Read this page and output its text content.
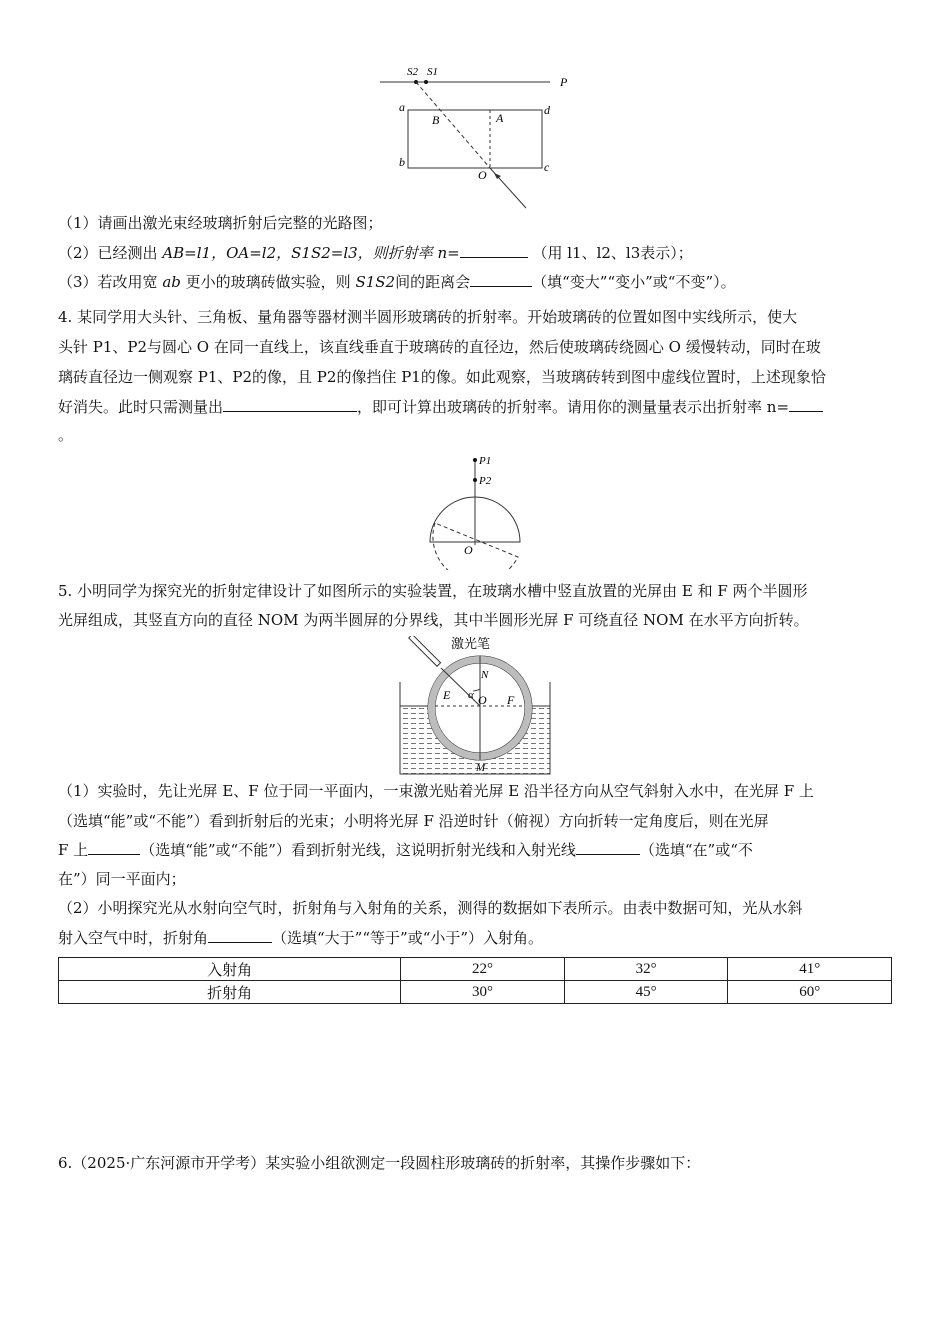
S2 S1
P
a
b
d
c
B	A
O
（1）请画出激光束经玻璃折射后完整的光路图；
（2）已经测出 AB=l1，OA=l2，S1S2=l3，则折射率 n=	（用 l1、l2、l3表示）；
（3）若改用宽 ab 更小的玻璃砖做实验，则 S1S2间的距离会	（填“变大”“变小”或“不变”）。
4. 某同学用大头针、三角板、量角器等器材测半圆形玻璃砖的折射率。开始玻璃砖的位置如图中实线所示，使大
头针 P1、P2与圆心 O 在同一直线上，该直线垂直于玻璃砖的直径边，然后使玻璃砖绕圆心 O 缓慢转动，同时在玻
璃砖直径边一侧观察 P1、P2的像，且 P2的像挡住 P1的像。如此观察，当玻璃砖转到图中虚线位置时，上述现象恰
好消失。此时只需测量出	，即可计算出玻璃砖的折射率。请用你的测量量表示出折射率 n=
。
P1
P2
O
5. 小明同学为探究光的折射定律设计了如图所示的实验装置，在玻璃水槽中竖直放置的光屏由 E 和 F 两个半圆形
光屏组成，其竖直方向的直径 NOM 为两半圆屏的分界线，其中半圆形光屏 F 可绕直径 NOM 在水平方向折转。
激光笔
N
α
E O F
M
（1）实验时，先让光屏 E、F 位于同一平面内，一束激光贴着光屏 E 沿半径方向从空气斜射入水中，在光屏 F 上
（选填“能”或“不能”）看到折射后的光束；小明将光屏 F 沿逆时针（俯视）方向折转一定角度后，则在光屏
F 上	（选填“能”或“不能”）看到折射光线，这说明折射光线和入射光线	（选填“在”或“不
在”）同一平面内；
（2）小明探究光从水射向空气时，折射角与入射角的关系，测得的数据如下表所示。由表中数据可知，光从水斜
射入空气中时，折射角	（选填“大于”“等于”或“小于”）入射角。
入射角	22°	32°	41°
折射角	30°	45°	60°
6.（2025·广东河源市开学考）某实验小组欲测定一段圆柱形玻璃砖的折射率，其操作步骤如下：
